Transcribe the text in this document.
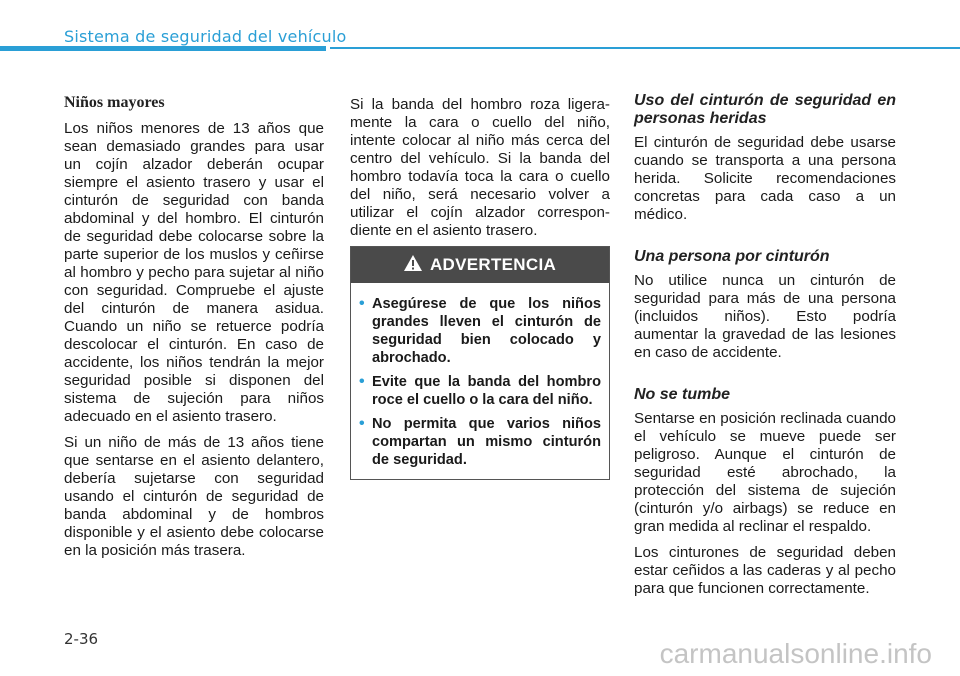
Sistema de seguridad del vehículo
Niños mayores

Los niños menores de 13 años que sean demasiado grandes para usar un cojín alzador deberán ocupar siempre el asiento trasero y usar el cinturón de seguridad con banda abdominal y del hombro. El cinturón de seguridad debe colocarse sobre la parte superior de los muslos y ceñirse al hombro y pecho para sujetar al niño con seguridad. Compruebe el ajuste del cinturón de manera asidua. Cuando un niño se retuerce podría descolocar el cinturón. En caso de accidente, los niños tendrán la mejor seguridad posible si disponen del sistema de sujeción para niños adecuado en el asiento trasero.

Si un niño de más de 13 años tiene que sentarse en el asiento delantero, debería sujetarse con seguridad usando el cinturón de seguridad de banda abdominal y de hombros disponible y el asiento debe colocarse en la posición más trasera.

Si la banda del hombro roza ligera-mente la cara o cuello del niño, intente colocar al niño más cerca del centro del vehículo. Si la banda del hombro todavía toca la cara o cuello del niño, será necesario volver a utilizar el cojín alzador correspon-diente en el asiento trasero.

ADVERTENCIA
• Asegúrese de que los niños grandes lleven el cinturón de seguridad bien colocado y abrochado.
• Evite que la banda del hombro roce el cuello o la cara del niño.
• No permita que varios niños compartan un mismo cinturón de seguridad.
Uso del cinturón de seguridad en personas heridas

El cinturón de seguridad debe usarse cuando se transporta a una persona herida. Solicite recomendaciones concretas para cada caso a un médico.

Una persona por cinturón

No utilice nunca un cinturón de seguridad para más de una persona (incluidos niños). Esto podría aumentar la gravedad de las lesiones en caso de accidente.

No se tumbe

Sentarse en posición reclinada cuando el vehículo se mueve puede ser peligroso. Aunque el cinturón de seguridad esté abrochado, la protección del sistema de sujeción (cinturón y/o airbags) se reduce en gran medida al reclinar el respaldo.

Los cinturones de seguridad deben estar ceñidos a las caderas y al pecho para que funcionen correctamente.

2-36	carmanualsonline.info
